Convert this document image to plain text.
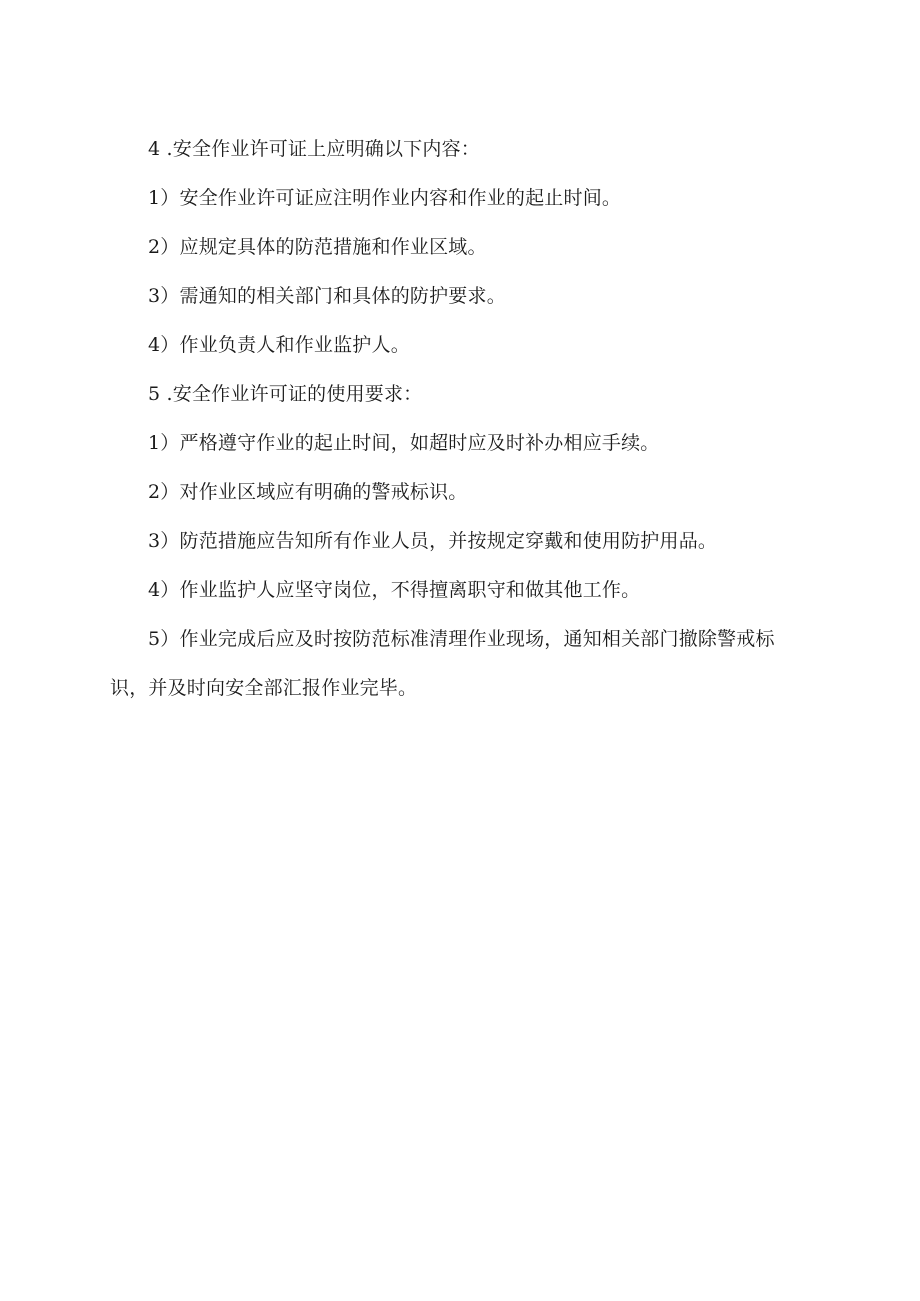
4 .安全作业许可证上应明确以下内容：

1）安全作业许可证应注明作业内容和作业的起止时间。

2）应规定具体的防范措施和作业区域。

3）需通知的相关部门和具体的防护要求。

4）作业负责人和作业监护人。

5 .安全作业许可证的使用要求：

1）严格遵守作业的起止时间，如超时应及时补办相应手续。

2）对作业区域应有明确的警戒标识。

3）防范措施应告知所有作业人员，并按规定穿戴和使用防护用品。

4）作业监护人应坚守岗位，不得擅离职守和做其他工作。

5）作业完成后应及时按防范标准清理作业现场，通知相关部门撤除警戒标识，并及时向安全部汇报作业完毕。
